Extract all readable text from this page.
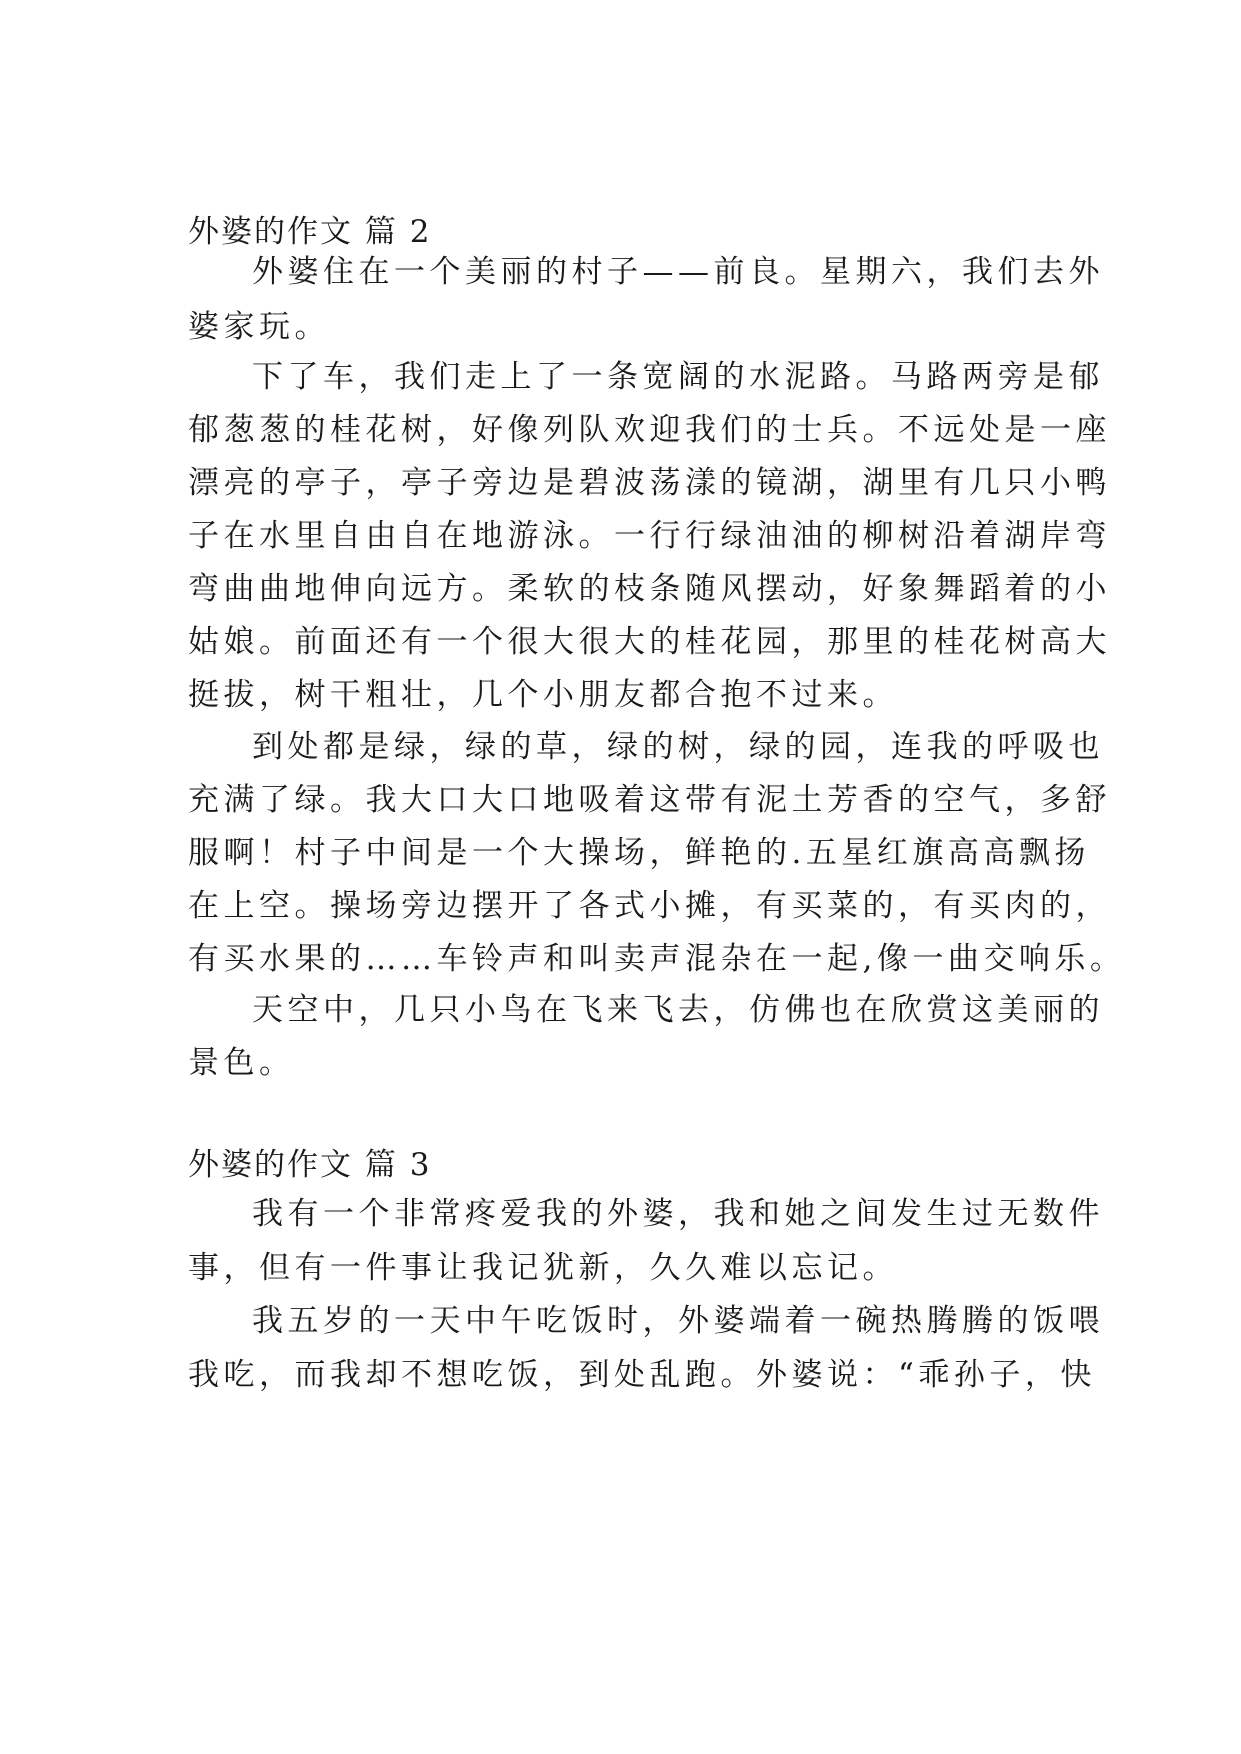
外婆的作文 篇 2
外婆住在一个美丽的村子——前良。星期六，我们去外
婆家玩。
下了车，我们走上了一条宽阔的水泥路。马路两旁是郁
郁葱葱的桂花树，好像列队欢迎我们的士兵。不远处是一座
漂亮的亭子，亭子旁边是碧波荡漾的镜湖，湖里有几只小鸭
子在水里自由自在地游泳。一行行绿油油的柳树沿着湖岸弯
弯曲曲地伸向远方。柔软的枝条随风摆动，好象舞蹈着的小
姑娘。前面还有一个很大很大的桂花园，那里的桂花树高大
挺拔，树干粗壮，几个小朋友都合抱不过来。
到处都是绿，绿的草，绿的树，绿的园，连我的呼吸也
充满了绿。我大口大口地吸着这带有泥土芳香的空气，多舒
服啊！村子中间是一个大操场，鲜艳的.五星红旗高高飘扬
在上空。操场旁边摆开了各式小摊，有买菜的，有买肉的，
有买水果的……车铃声和叫卖声混杂在一起,像一曲交响乐。
天空中，几只小鸟在飞来飞去，仿佛也在欣赏这美丽的
景色。
外婆的作文 篇 3
我有一个非常疼爱我的外婆，我和她之间发生过无数件
事，但有一件事让我记犹新，久久难以忘记。
我五岁的一天中午吃饭时，外婆端着一碗热腾腾的饭喂
我吃，而我却不想吃饭，到处乱跑。外婆说：“乖孙子，快
